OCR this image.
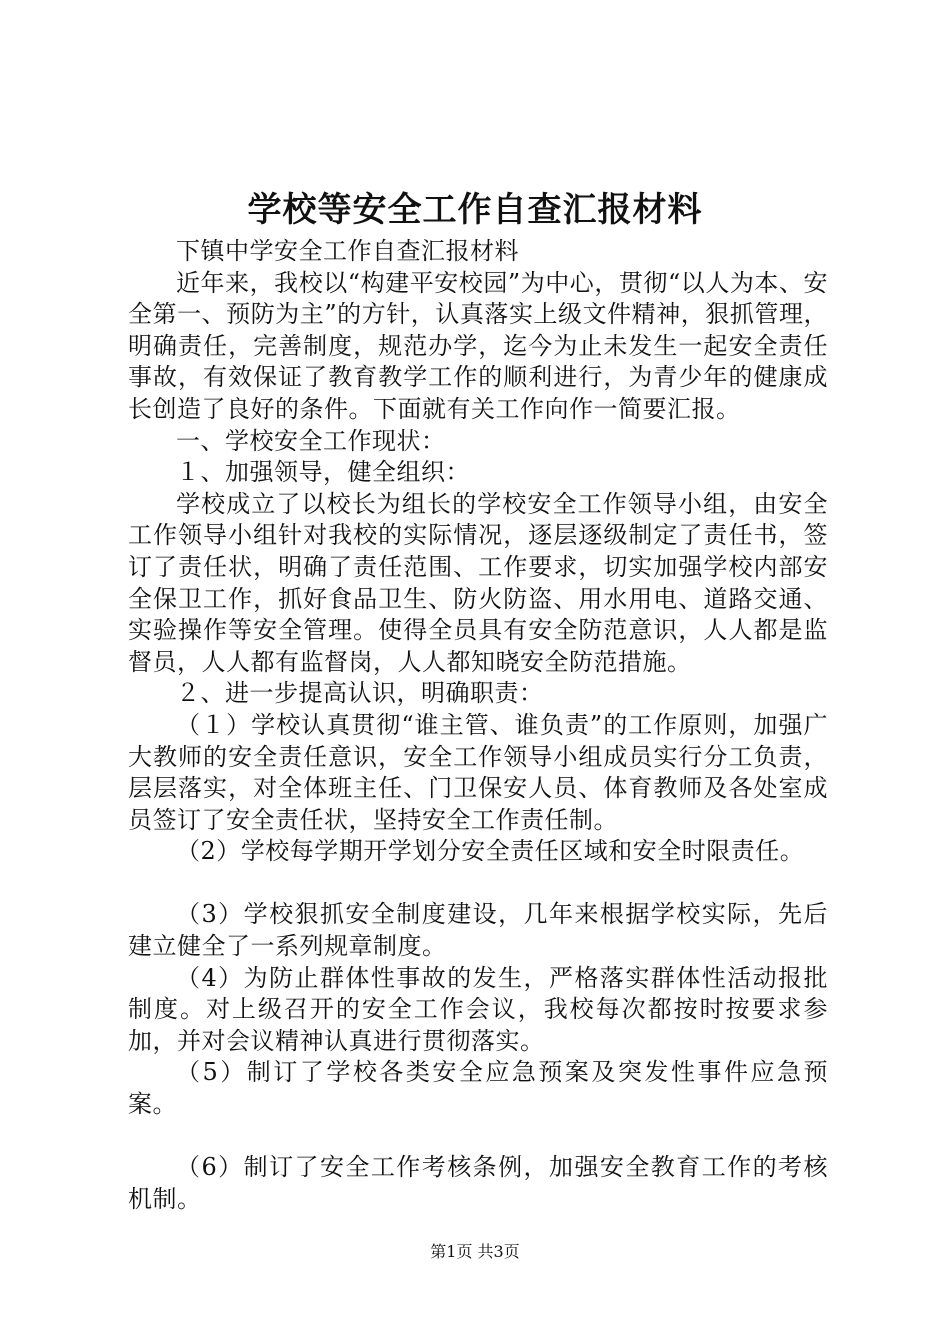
学校等安全工作自查汇报材料

下镇中学安全工作自查汇报材料

近年来，我校以“构建平安校园”为中心，贯彻“以人为本、安全第一、预防为主”的方针，认真落实上级文件精神，狠抓管理，明确责任，完善制度，规范办学，迄今为止未发生一起安全责任事故，有效保证了教育教学工作的顺利进行，为青少年的健康成长创造了良好的条件。下面就有关工作向作一简要汇报。

一、学校安全工作现状：

１、加强领导，健全组织：

学校成立了以校长为组长的学校安全工作领导小组，由安全工作领导小组针对我校的实际情况，逐层逐级制定了责任书，签订了责任状，明确了责任范围、工作要求，切实加强学校内部安全保卫工作，抓好食品卫生、防火防盗、用水用电、道路交通、实验操作等安全管理。使得全员具有安全防范意识，人人都是监督员，人人都有监督岗，人人都知晓安全防范措施。

２、进一步提高认识，明确职责：

（１）学校认真贯彻“谁主管、谁负责”的工作原则，加强广大教师的安全责任意识，安全工作领导小组成员实行分工负责，层层落实，对全体班主任、门卫保安人员、体育教师及各处室成员签订了安全责任状，坚持安全工作责任制。

（2）学校每学期开学划分安全责任区域和安全时限责任。

（3）学校狠抓安全制度建设，几年来根据学校实际，先后建立健全了一系列规章制度。

（4）为防止群体性事故的发生，严格落实群体性活动报批制度。对上级召开的安全工作会议，我校每次都按时按要求参加，并对会议精神认真进行贯彻落实。

（5）制订了学校各类安全应急预案及突发性事件应急预案。

（6）制订了安全工作考核条例，加强安全教育工作的考核机制。

第1页 共3页
